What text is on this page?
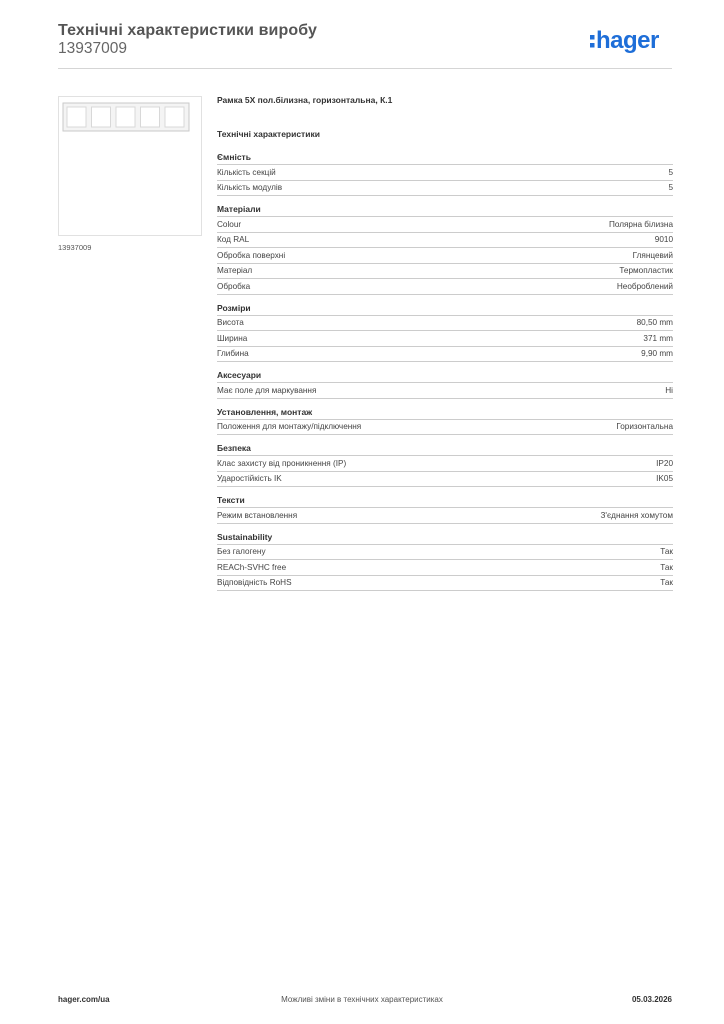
Технічні характеристики виробу
13937009	hager
13937009
Рамка 5Х пол.білизна, горизонтальна, К.1
Технічні характеристики
Ємність
Кількість секцій	5
Кількість модулів	5
Матеріали
Colour	Полярна білизна
Код RAL	9010
Обробка поверхні	Глянцевий
Матеріал	Термопластик
Обробка	Необроблений
Розміри
Висота	80,50 mm
Ширина	371 mm
Глибина	9,90 mm
Аксесуари
Має поле для маркування	Ні
Установлення, монтаж
Положення для монтажу/підключення	Горизонтальна
Безпека
Клас захисту від проникнення (IP)	IP20
Ударостійкість IK	IK05
Тексти
Режим встановлення	З'єднання хомутом
Sustainability
Без галогену	Так
REACh-SVHC free	Так
Відповідність RoHS	Так
hager.com/ua	Можливі зміни в технічних характеристиках	05.03.2026
